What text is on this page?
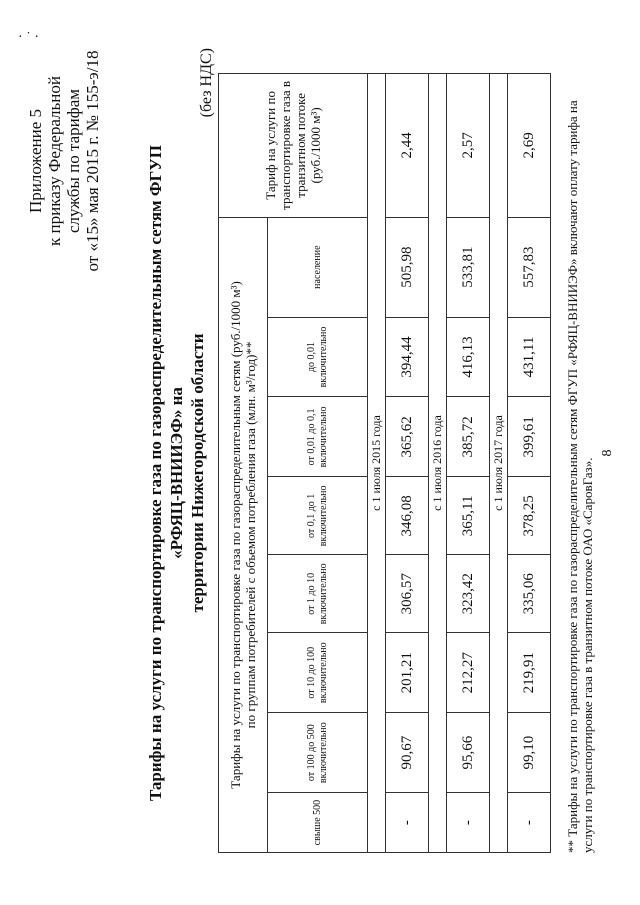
· ˙ ·
Приложение 5 к приказу Федеральной службы по тарифам от «15» мая 2015 г. № 155-э/18	Тарифы на услуги по транспортировке газа по газораспределительным сетям ФГУП «РФЯЦ-ВНИИЭФ» на территории Нижегородской области
(без НДС)
Тарифы на услуги по транспортировке газа по газораспределительным сетям (руб./1000 м³) по группам потребителей с объемом потребления газа (млн. м³/год)**								Тариф на услуги по транспортировке газа в транзитном потоке (руб./1000 м³)
свыше 500	от 100 до 500 включительно	от 10 до 100 включительно	от 1 до 10 включительно	от 0,1 до 1 включительно	от 0,01 до 0,1 включительно	до 0,01 включительно	население	
с 1 июля 2015 года								
-	90,67	201,21	306,57	346,08	365,62	394,44	505,98	2,44
с 1 июля 2016 года								
-	95,66	212,27	323,42	365,11	385,72	416,13	533,81	2,57
с 1 июля 2017 года								
-	99,10	219,91	335,06	378,25	399,61	431,11	557,83	2,69 ** Тарифы на услуги по транспортировке газа по газораспределительным сетям ФГУП «РФЯЦ-ВНИИЭФ» включают оплату тарифа на услуги по транспортировке газа в транзитном потоке ОАО «СаровГаз».
8
